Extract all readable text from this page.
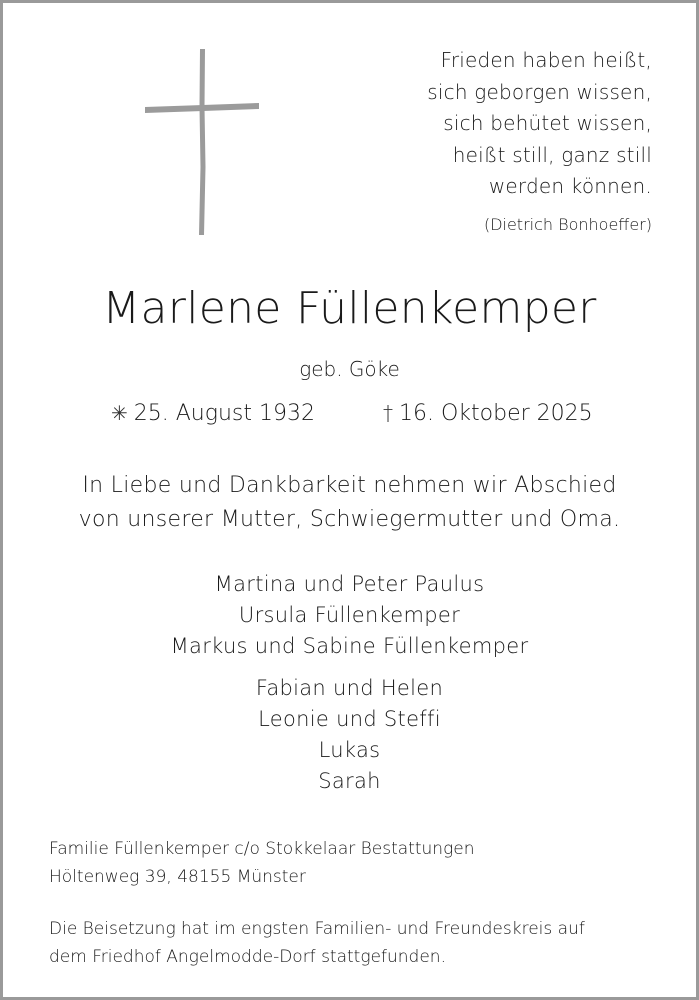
Frieden haben heißt,
sich geborgen wissen,
sich behütet wissen,
heißt still, ganz still
werden können.
(Dietrich Bonhoeffer)
Marlene Füllenkemper
geb. Göke
✳ 25. August 1932	† 16. Oktober 2025
In Liebe und Dankbarkeit nehmen wir Abschied
von unserer Mutter, Schwiegermutter und Oma.
Martina und Peter Paulus
Ursula Füllenkemper
Markus und Sabine Füllenkemper
Fabian und Helen
Leonie und Steffi
Lukas
Sarah
Familie Füllenkemper c/o Stokkelaar Bestattungen
Höltenweg 39, 48155 Münster
Die Beisetzung hat im engsten Familien- und Freundeskreis auf
dem Friedhof Angelmodde-Dorf stattgefunden.
